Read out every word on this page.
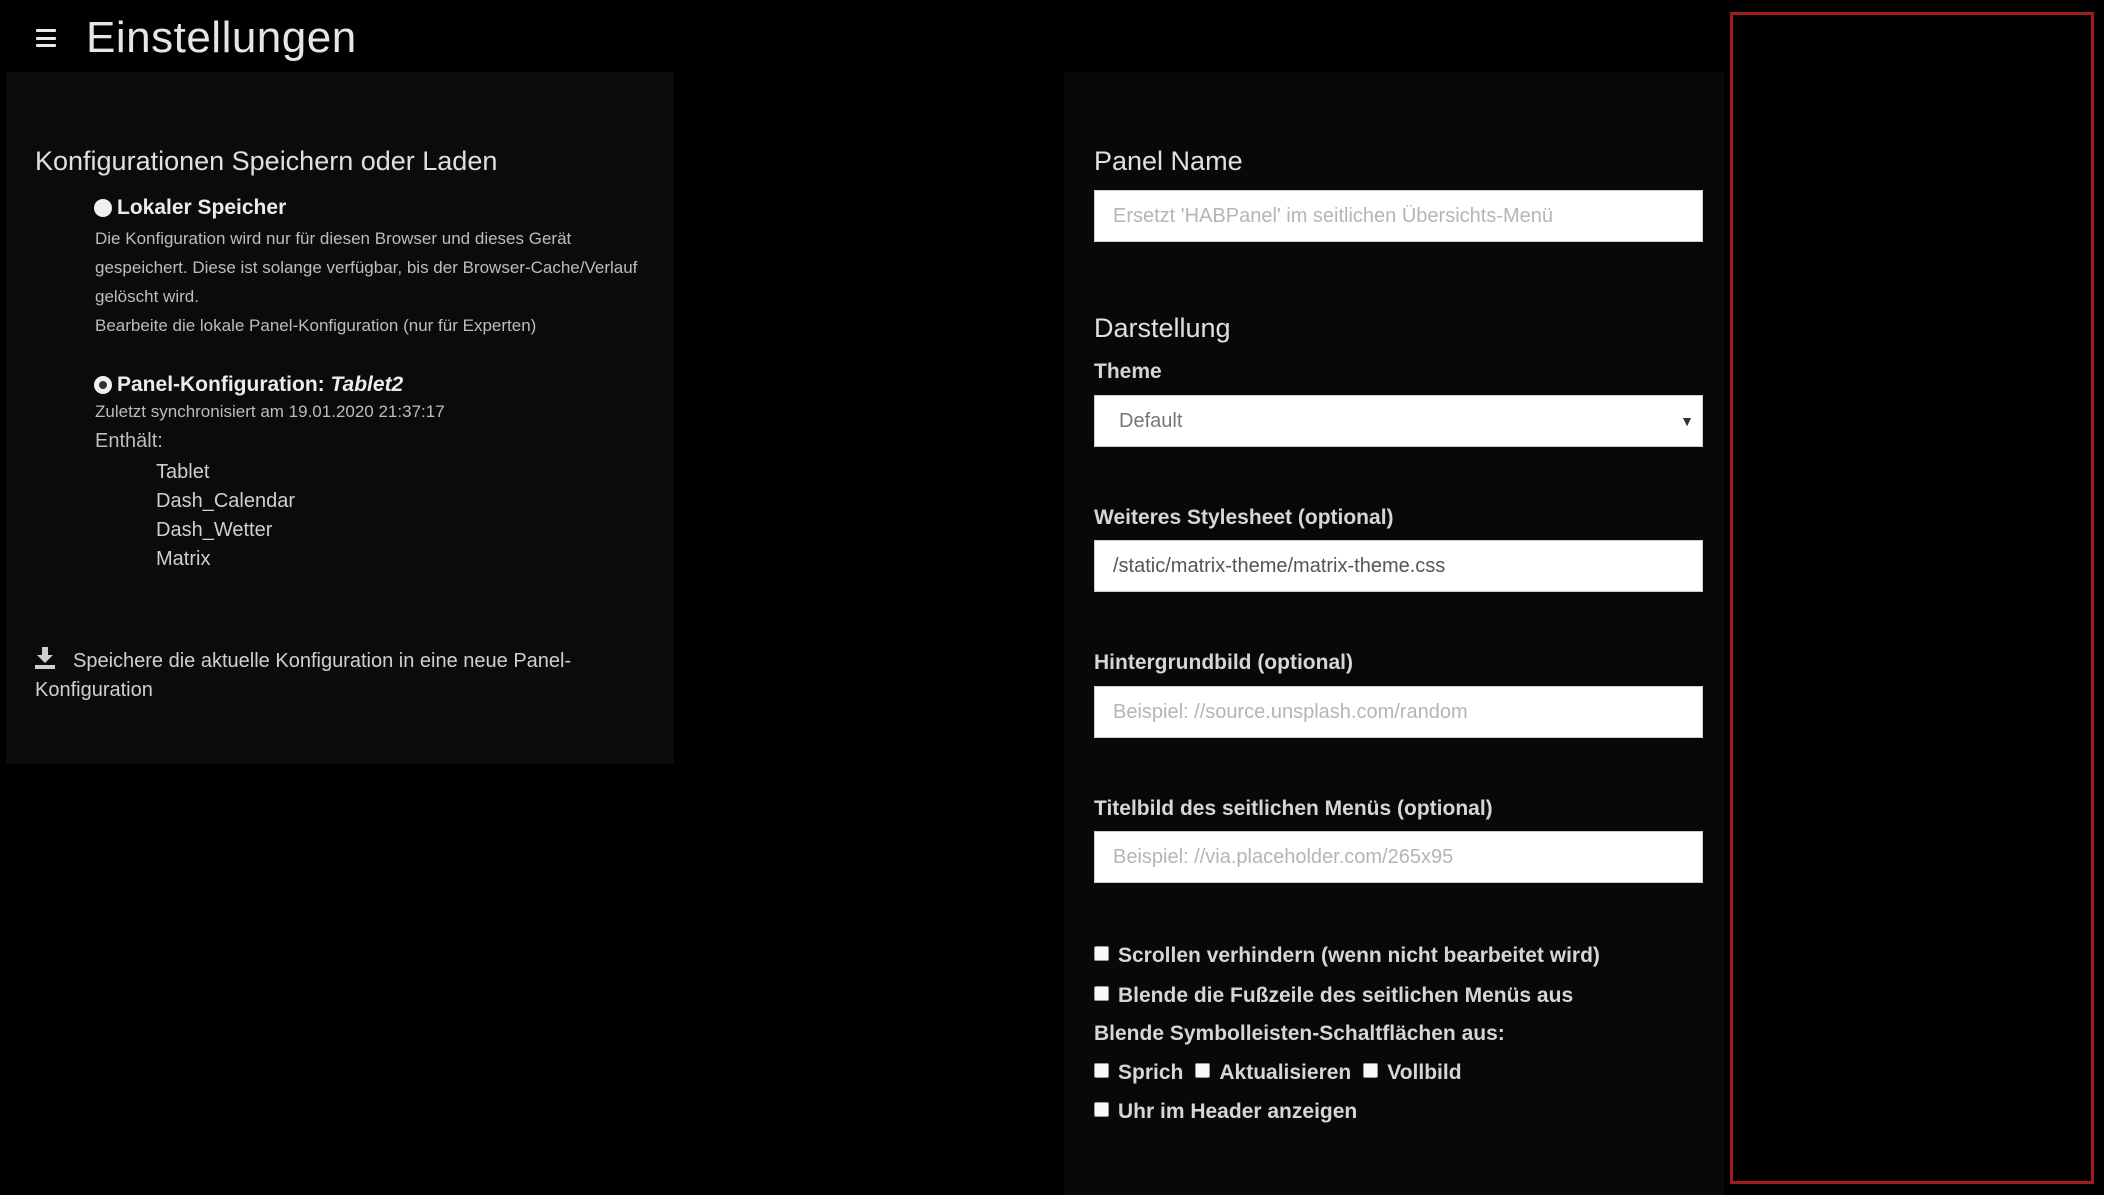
Einstellungen
Konfigurationen Speichern oder Laden
Lokaler Speicher
Die Konfiguration wird nur für diesen Browser und dieses Gerät
gespeichert. Diese ist solange verfügbar, bis der Browser-Cache/Verlauf
gelöscht wird.
Bearbeite die lokale Panel-Konfiguration (nur für Experten)
Panel-Konfiguration: Tablet2
Zuletzt synchronisiert am 19.01.2020 21:37:17
Enthält:
Tablet
Dash_Calendar
Dash_Wetter
Matrix
Speichere die aktuelle Konfiguration in eine neue Panel-
Konfiguration
Panel Name
Ersetzt 'HABPanel' im seitlichen Übersichts-Menü
Darstellung
Theme
Default	▼
Weiteres Stylesheet (optional)
/static/matrix-theme/matrix-theme.css
Hintergrundbild (optional)
Beispiel: //source.unsplash.com/random
Titelbild des seitlichen Menüs (optional)
Beispiel: //via.placeholder.com/265x95
Scrollen verhindern (wenn nicht bearbeitet wird)
Blende die Fußzeile des seitlichen Menüs aus
Blende Symbolleisten-Schaltflächen aus:
Sprich Aktualisieren Vollbild
Uhr im Header anzeigen
